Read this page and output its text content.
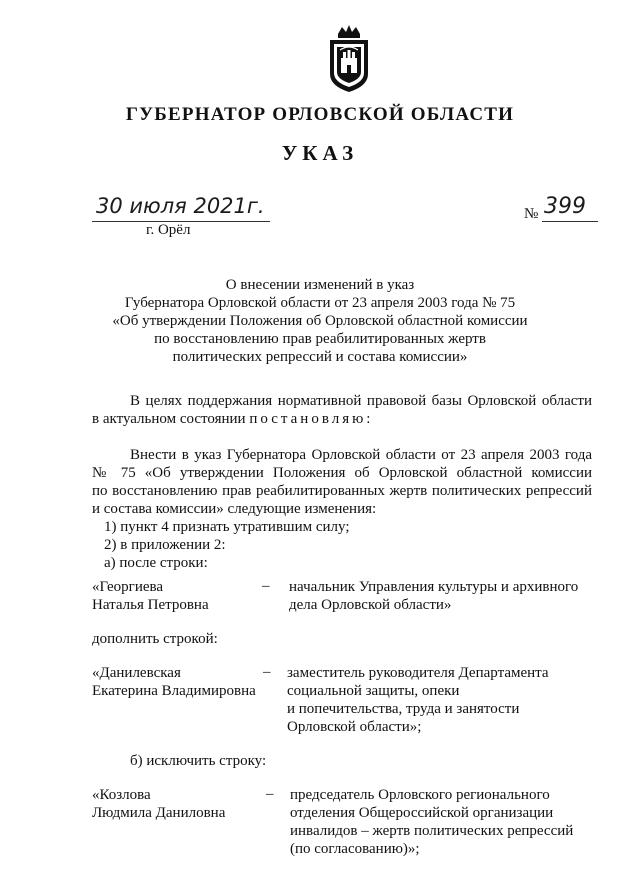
ГУБЕРНАТОР ОРЛОВСКОЙ ОБЛАСТИ
УКАЗ
30 июля 2021г.
г. Орёл
№ 399
О внесении изменений в указ
Губернатора Орловской области от 23 апреля 2003 года № 75
«Об утверждении Положения об Орловской областной комиссии
по восстановлению прав реабилитированных жертв
политических репрессий и состава комиссии»
В целях поддержания нормативной правовой базы Орловской области
в актуальном состоянии постановляю:
Внести в указ Губернатора Орловской области от 23 апреля 2003 года
№ 75 «Об утверждении Положения об Орловской областной комиссии
по восстановлению прав реабилитированных жертв политических репрессий
и состава комиссии» следующие изменения:
1) пункт 4 признать утратившим силу;
2) в приложении 2:
а) после строки:
«Георгиева
Наталья Петровна
– начальник Управления культуры и архивного
дела Орловской области»
дополнить строкой:
«Данилевская
Екатерина Владимировна
– заместитель руководителя Департамента
социальной защиты, опеки
и попечительства, труда и занятости
Орловской области»;
б) исключить строку:
«Козлова
Людмила Даниловна
– председатель Орловского регионального
отделения Общероссийской организации
инвалидов – жертв политических репрессий
(по согласованию)»;
